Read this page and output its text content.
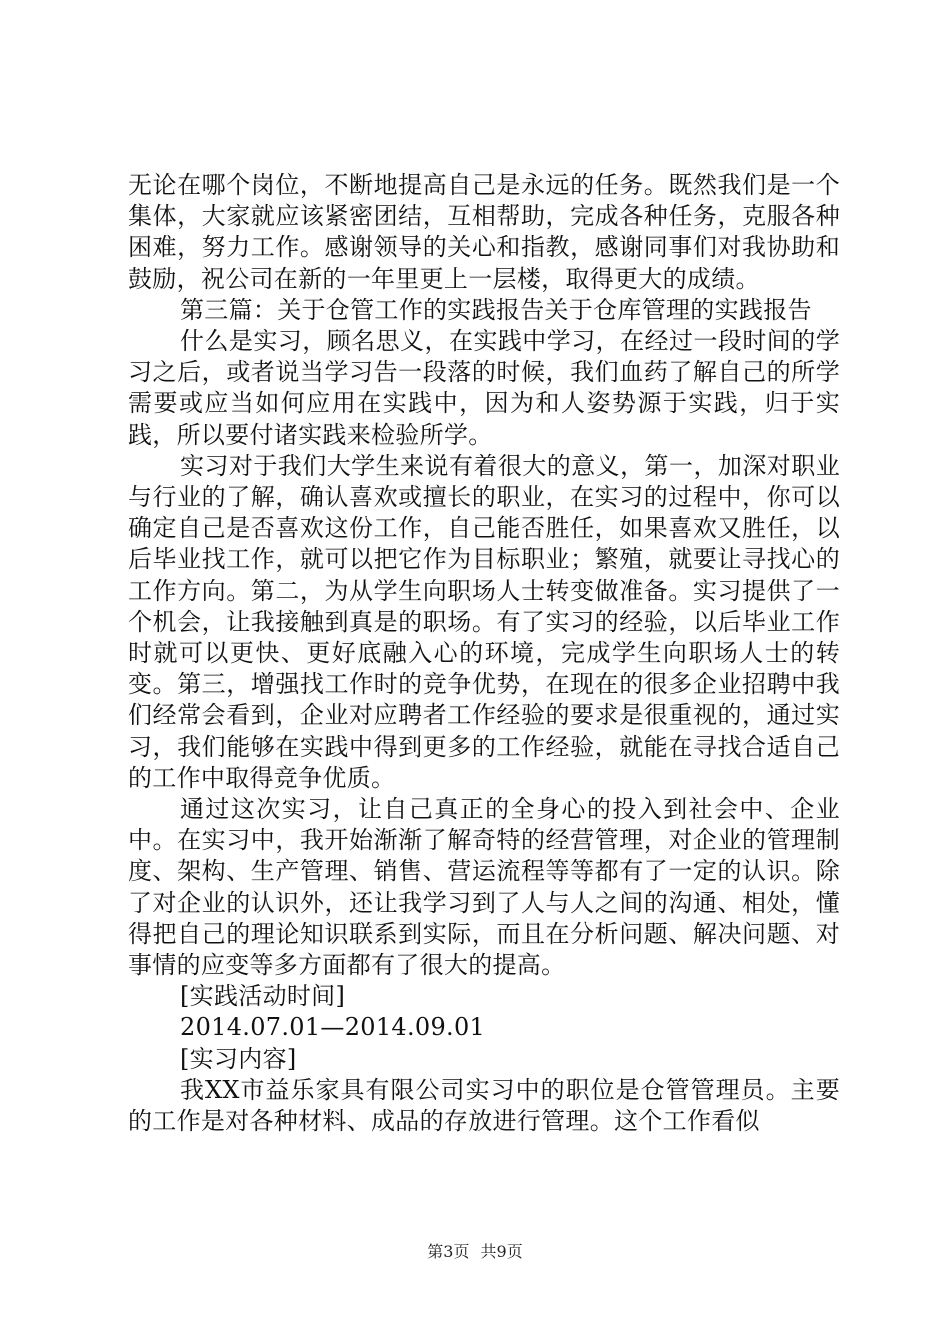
无论在哪个岗位，不断地提高自己是永远的任务。既然我们是一个集体，大家就应该紧密团结，互相帮助，完成各种任务，克服各种困难，努力工作。感谢领导的关心和指教，感谢同事们对我协助和鼓励，祝公司在新的一年里更上一层楼，取得更大的成绩。

第三篇：关于仓管工作的实践报告关于仓库管理的实践报告

什么是实习，顾名思义，在实践中学习，在经过一段时间的学习之后，或者说当学习告一段落的时候，我们血药了解自己的所学需要或应当如何应用在实践中，因为和人姿势源于实践，归于实践，所以要付诸实践来检验所学。

实习对于我们大学生来说有着很大的意义，第一，加深对职业与行业的了解，确认喜欢或擅长的职业，在实习的过程中，你可以确定自己是否喜欢这份工作，自己能否胜任，如果喜欢又胜任，以后毕业找工作，就可以把它作为目标职业；繁殖，就要让寻找心的工作方向。第二，为从学生向职场人士转变做准备。实习提供了一个机会，让我接触到真是的职场。有了实习的经验，以后毕业工作时就可以更快、更好底融入心的环境，完成学生向职场人士的转变。第三，增强找工作时的竞争优势，在现在的很多企业招聘中我们经常会看到，企业对应聘者工作经验的要求是很重视的，通过实习，我们能够在实践中得到更多的工作经验，就能在寻找合适自己的工作中取得竞争优质。

通过这次实习，让自己真正的全身心的投入到社会中、企业中。在实习中，我开始渐渐了解奇特的经营管理，对企业的管理制度、架构、生产管理、销售、营运流程等等都有了一定的认识。除了对企业的认识外，还让我学习到了人与人之间的沟通、相处，懂得把自己的理论知识联系到实际，而且在分析问题、解决问题、对事情的应变等多方面都有了很大的提高。

[实践活动时间]

2014.07.01—2014.09.01

[实习内容]

我XX市益乐家具有限公司实习中的职位是仓管管理员。主要的工作是对各种材料、成品的存放进行管理。这个工作看似

第3页 共9页
